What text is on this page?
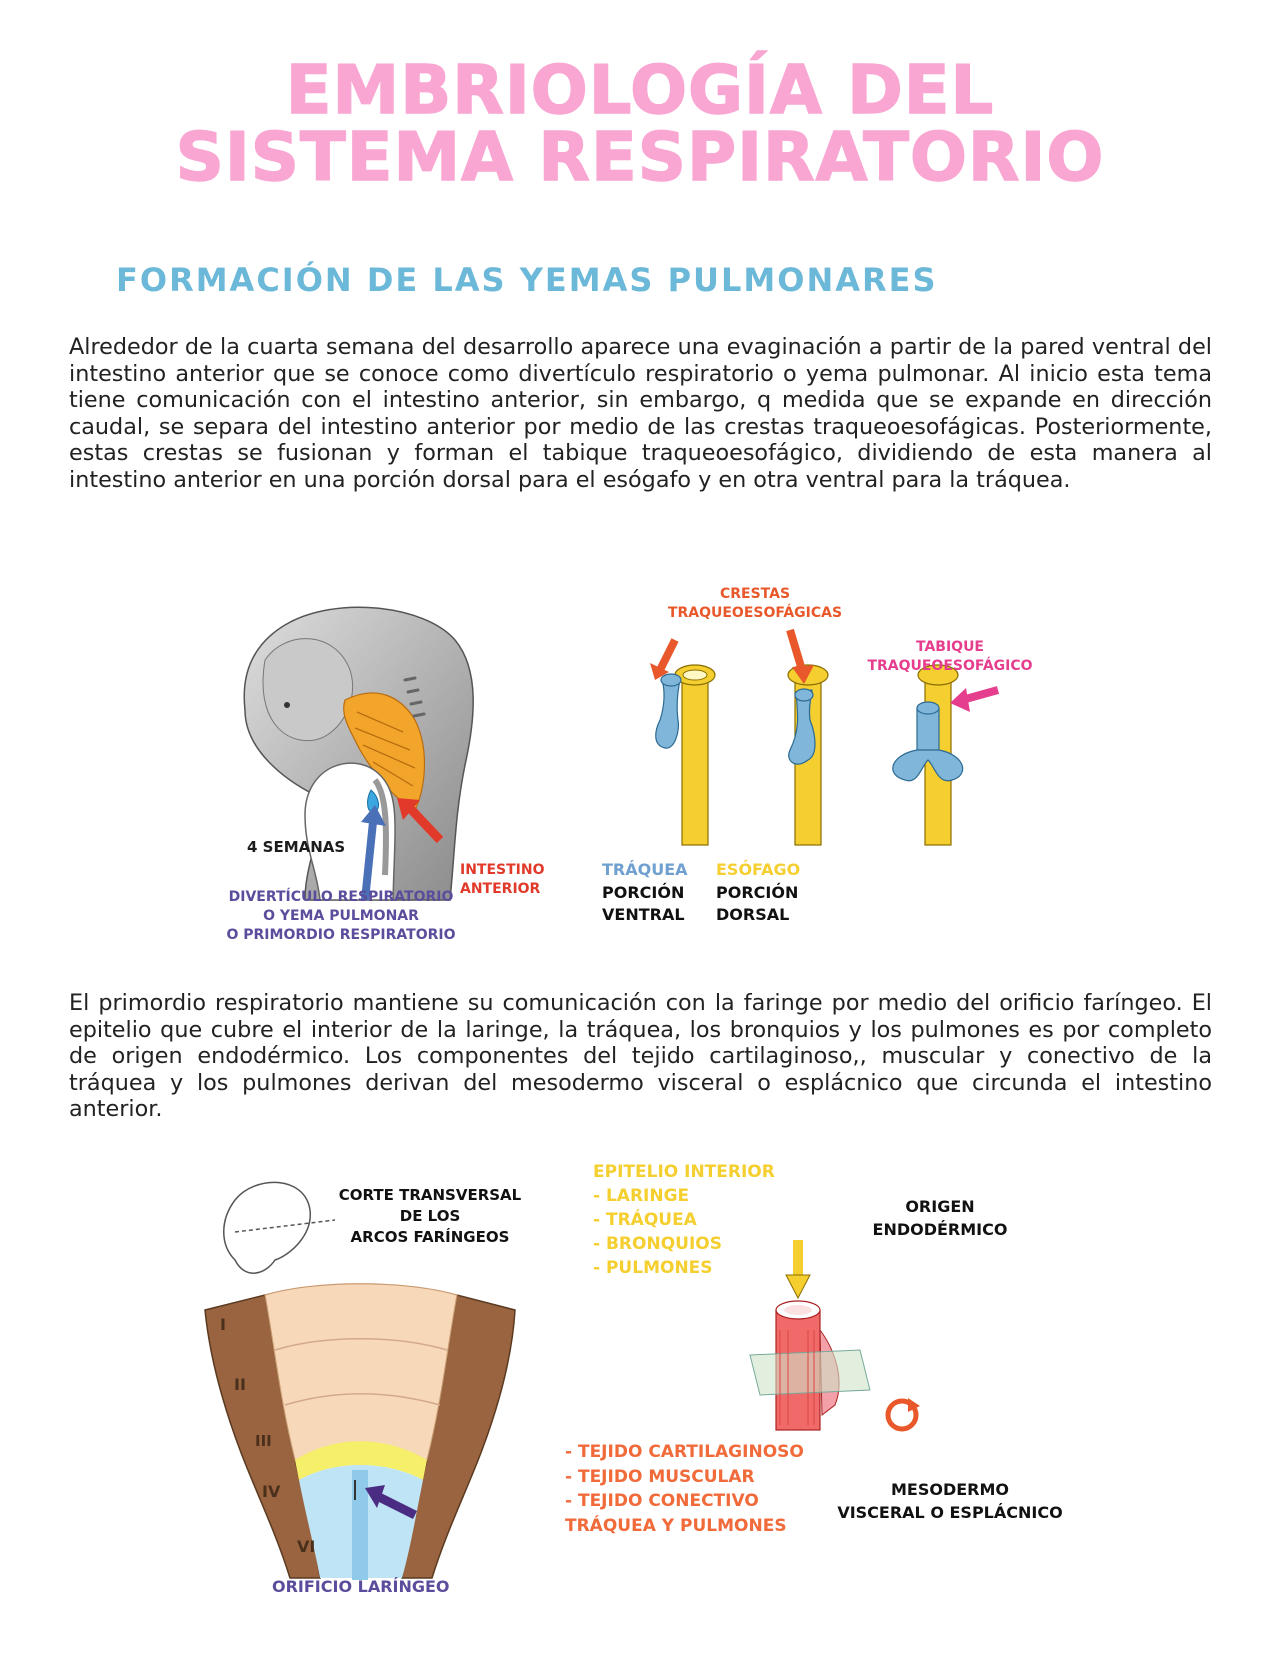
EMBRIOLOGÍA DEL
SISTEMA RESPIRATORIO
FORMACIÓN DE LAS YEMAS PULMONARES
Alrededor de la cuarta semana del desarrollo aparece una evaginación a partir de la pared ventral del intestino anterior que se conoce como divertículo respiratorio o yema pulmonar. Al inicio esta tema tiene comunicación con el intestino anterior, sin embargo, q medida que se expande en dirección caudal, se separa del intestino anterior por medio de las crestas traqueoesofágicas. Posteriormente, estas crestas se fusionan y forman el tabique traqueoesofágico, dividiendo de esta manera al intestino anterior en una porción dorsal para el esógafo y en otra ventral para la tráquea.
4 SEMANAS
DIVERTÍCULO RESPIRATORIO
O YEMA PULMONAR
O PRIMORDIO RESPIRATORIO
INTESTINO
ANTERIOR
CRESTAS
TRAQUEOESOFÁGICAS
TABIQUE
TRAQUEOESOFÁGICO
TRÁQUEA ESÓFAGO
PORCIÓN
VENTRAL
PORCIÓN
DORSAL
El primordio respiratorio mantiene su comunicación con la faringe por medio del orificio faríngeo. El epitelio que cubre el interior de la laringe, la tráquea, los bronquios y los pulmones es por completo de origen endodérmico. Los componentes del tejido cartilaginoso,, muscular y conectivo de la tráquea y los pulmones derivan del mesodermo visceral o esplácnico que circunda el intestino anterior.
I
II
III
IV
VI
CORTE TRANSVERSAL
DE LOS
ARCOS FARÍNGEOS
ORIFICIO LARÍNGEO
EPITELIO INTERIOR
- LARINGE
- TRÁQUEA
- BRONQUIOS
- PULMONES
ORIGEN
ENDODÉRMICO
- TEJIDO CARTILAGINOSO
- TEJIDO MUSCULAR
- TEJIDO CONECTIVO
TRÁQUEA Y PULMONES
MESODERMO
VISCERAL O ESPLÁCNICO
